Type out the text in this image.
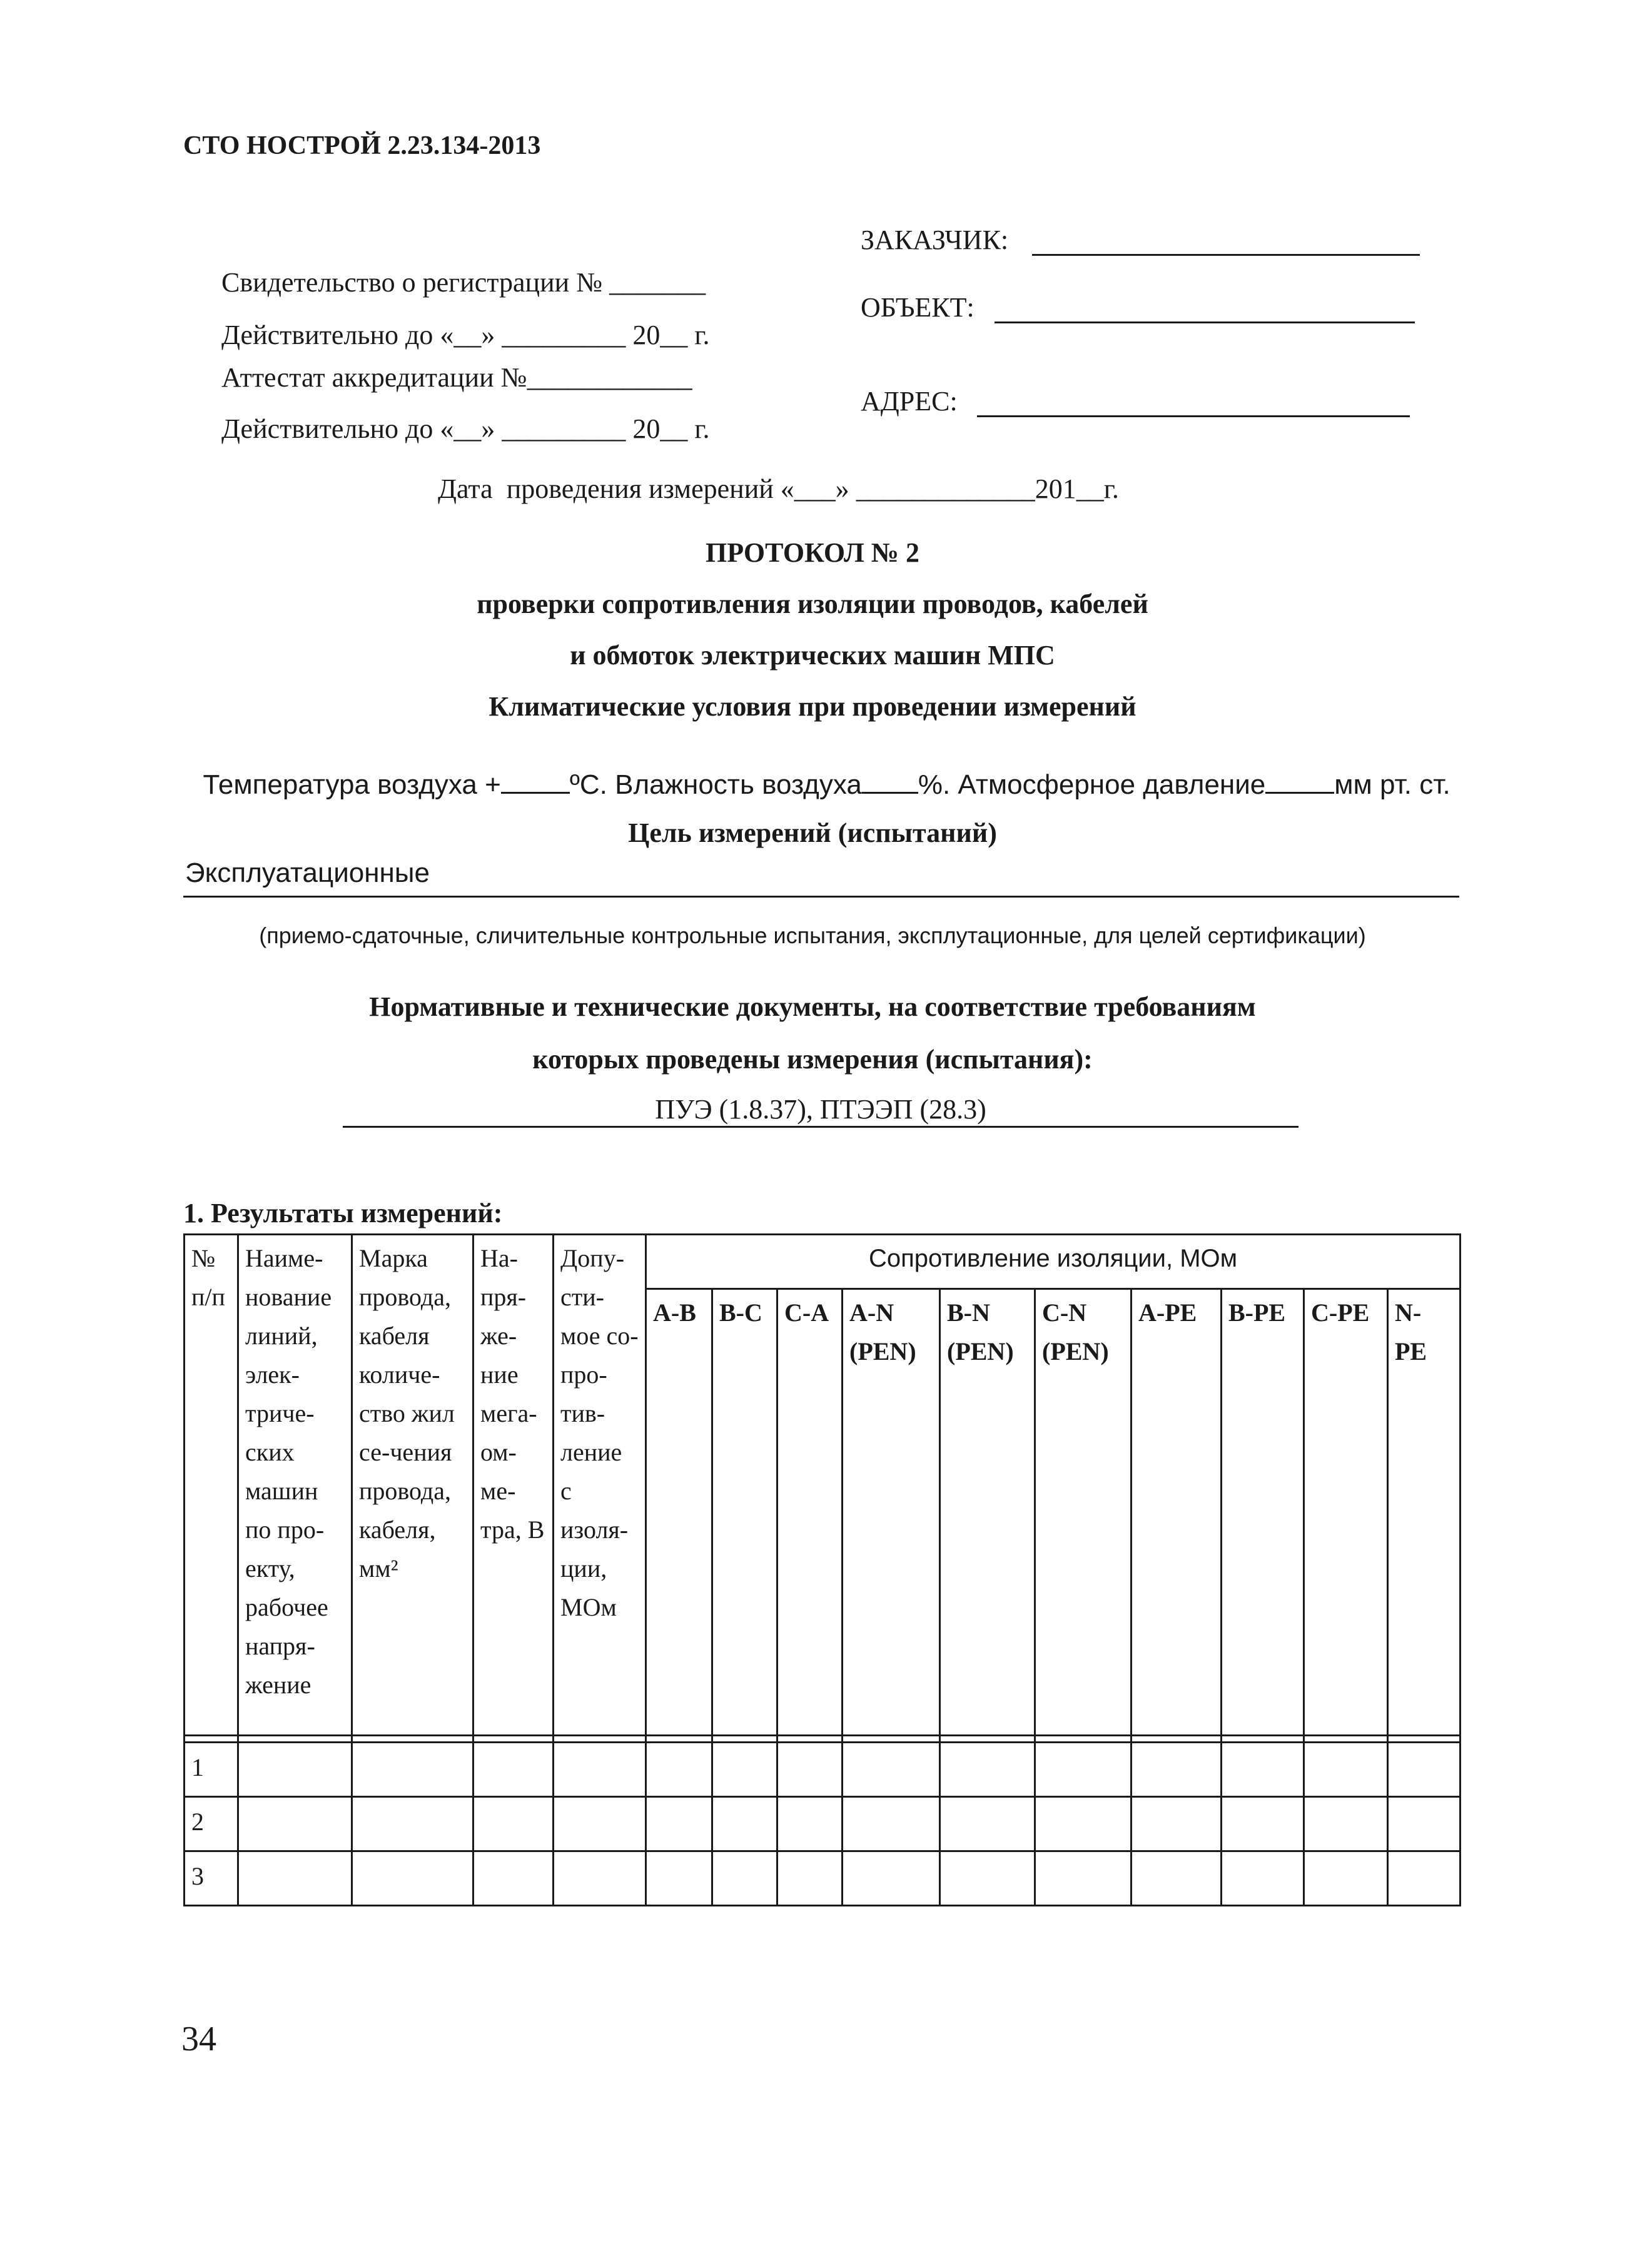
СТО НОСТРОЙ 2.23.134-2013
ЗАКАЗЧИК:
ОБЪЕКТ:
АДРЕС:
Свидетельство о регистрации № _______
Действительно до «__» _________ 20__ г.
Аттестат аккредитации №____________
Действительно до «__» _________ 20__ г.
Дата  проведения измерений «___» _____________201__г.
ПРОТОКОЛ № 2
проверки сопротивления изоляции проводов, кабелей
и обмоток электрических машин МПС
Климатические условия при проведении измерений

Температура воздуха +	ºС. Влажность воздуха %. Атмосферное давление	мм рт. ст.

Цель измерений (испытаний)
Эксплуатационные
(приемо-сдаточные, сличительные контрольные испытания, эксплутационные, для целей сертификации)
Нормативные и технические документы, на соответствие требованиям
которых проведены измерения (испытания):
ПУЭ (1.8.37), ПТЭЭП (28.3)
1. Результаты измерений:
№ п/п	Наиме-нование линий, элек-триче-ских машин по про-екту, рабочее напря-жение	Марка провода, кабеля количе-ство жил се-чения провода, кабеля, мм²	На-пря-же-ние мега-ом-ме-тра, В	Допу-сти-мое со-про-тив-ление с изоля-ции, МОм	Сопротивление изоляции, МОм									
					А-В	В-С	С-А	А-N (PEN)	В-N (PEN)	С-N (PEN)	А-РЕ	В-РЕ	С-РЕ	N-PE

1														
2														
3														
34
